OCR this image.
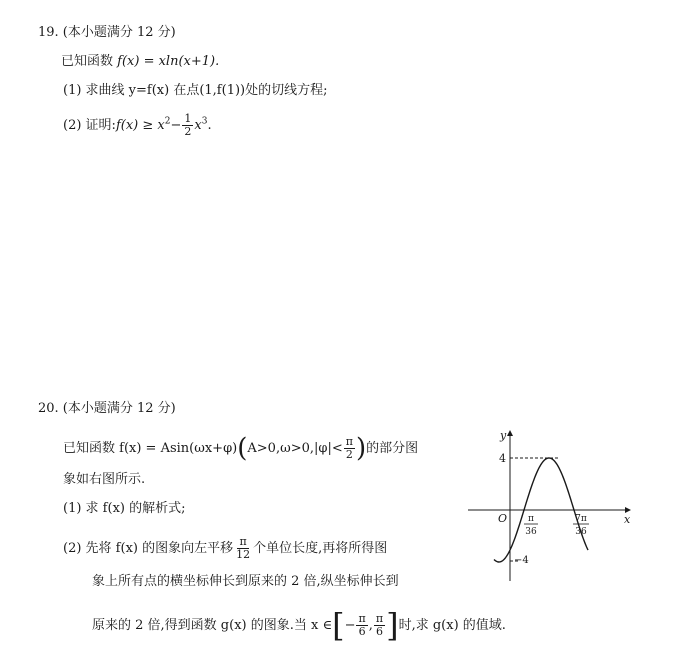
19. (本小题满分 12 分)
已知函数 f(x) = xln(x+1).
(1) 求曲线 y=f(x) 在点(1,f(1))处的切线方程;
(2) 证明:f(x) ≥ $x^2- \frac{1}{2} x^3$.
20. (本小题满分 12 分)
已知函数 $f(x) = Asin(\omega x+\varphi)(A>0,\omega>0,|\varphi|< \frac{\pi}{2}$ )的部分图
象如右图所示.
(1) 求 f(x) 的解析式;
(2) 先将 f(x) 的图象向左平移 $\frac{\pi}{12}$ 个单位长度,再将所得图
象上所有点的横坐标伸长到原来的 2 倍,纵坐标伸长到
原来的 2 倍,得到函数 g(x) 的图象.当 x ∈[− $\frac{\pi}{6}$ , $\frac{\pi}{6}$ ]时,求 g(x) 的值域.
y
x
O
4
−4
π
36
7π
36
